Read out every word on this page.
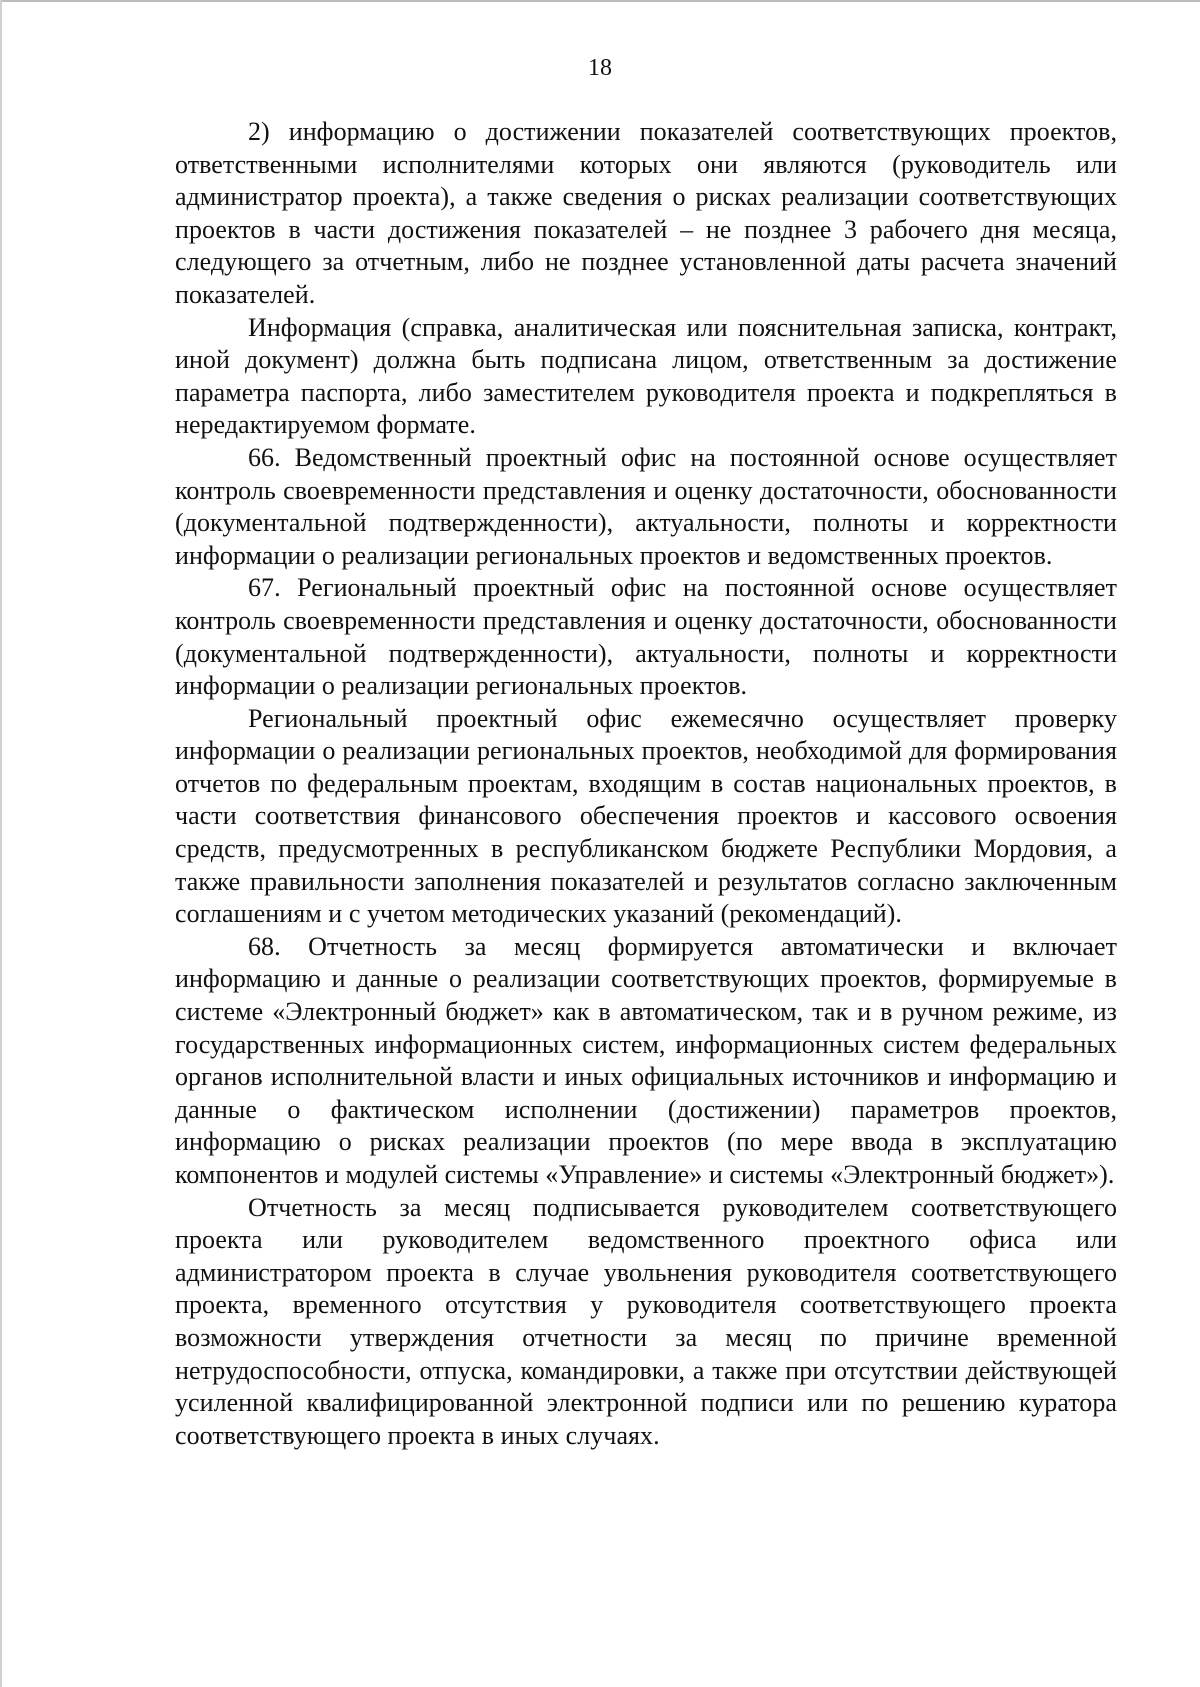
18

2) информацию о достижении показателей соответствующих проектов, ответственными исполнителями которых они являются (руководитель или администратор проекта), а также сведения о рисках реализации соответствующих проектов в части достижения показателей – не позднее 3 рабочего дня месяца, следующего за отчетным, либо не позднее установленной даты расчета значений показателей.

Информация (справка, аналитическая или пояснительная записка, контракт, иной документ) должна быть подписана лицом, ответственным за достижение параметра паспорта, либо заместителем руководителя проекта и подкрепляться в нередактируемом формате.

66. Ведомственный проектный офис на постоянной основе осуществляет контроль своевременности представления и оценку достаточности, обоснованности (документальной подтвержденности), актуальности, полноты и корректности информации о реализации региональных проектов и ведомственных проектов.

67. Региональный проектный офис на постоянной основе осуществляет контроль своевременности представления и оценку достаточности, обоснованности (документальной подтвержденности), актуальности, полноты и корректности информации о реализации региональных проектов.

Региональный проектный офис ежемесячно осуществляет проверку информации о реализации региональных проектов, необходимой для формирования отчетов по федеральным проектам, входящим в состав национальных проектов, в части соответствия финансового обеспечения проектов и кассового освоения средств, предусмотренных в республиканском бюджете Республики Мордовия, а также правильности заполнения показателей и результатов согласно заключенным соглашениям и с учетом методических указаний (рекомендаций).

68. Отчетность за месяц формируется автоматически и включает информацию и данные о реализации соответствующих проектов, формируемые в системе «Электронный бюджет» как в автоматическом, так и в ручном режиме, из государственных информационных систем, информационных систем федеральных органов исполнительной власти и иных официальных источников и информацию и данные о фактическом исполнении (достижении) параметров проектов, информацию о рисках реализации проектов (по мере ввода в эксплуатацию компонентов и модулей системы «Управление» и системы «Электронный бюджет»).

Отчетность за месяц подписывается руководителем соответствующего проекта или руководителем ведомственного проектного офиса или администратором проекта в случае увольнения руководителя соответствующего проекта, временного отсутствия у руководителя соответствующего проекта возможности утверждения отчетности за месяц по причине временной нетрудоспособности, отпуска, командировки, а также при отсутствии действующей усиленной квалифицированной электронной подписи или по решению куратора соответствующего проекта в иных случаях.
